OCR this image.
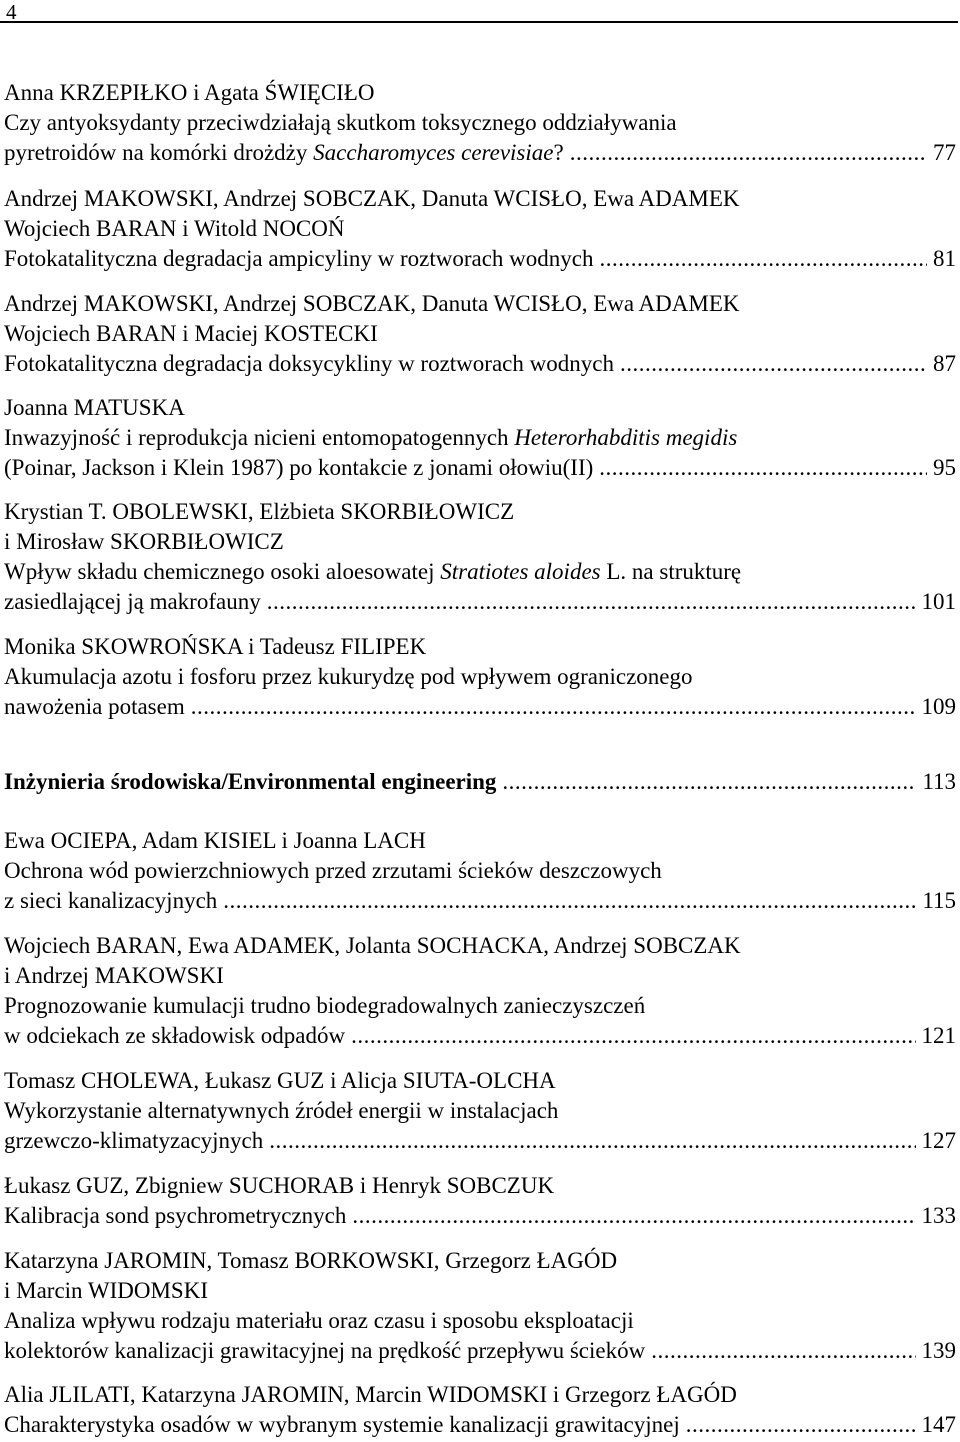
4
Anna KRZEPIŁKO i Agata ŚWIĘCIŁO
Czy antyoksydanty przeciwdziałają skutkom toksycznego oddziaływania
pyretroidów na komórki drożdży Saccharomyces cerevisiae? .....	77
Andrzej MAKOWSKI, Andrzej SOBCZAK, Danuta WCISŁO, Ewa ADAMEK
Wojciech BARAN i Witold NOCOŃ
Fotokatalityczna degradacja ampicyliny w roztworach wodnych .....	81
Andrzej MAKOWSKI, Andrzej SOBCZAK, Danuta WCISŁO, Ewa ADAMEK
Wojciech BARAN i Maciej KOSTECKI
Fotokatalityczna degradacja doksycykliny w roztworach wodnych .....	87
Joanna MATUSKA
Inwazyjność i reprodukcja nicieni entomopatogennych Heterorhabditis megidis
(Poinar, Jackson i Klein 1987) po kontakcie z jonami ołowiu(II) .....	95
Krystian T. OBOLEWSKI, Elżbieta SKORBIŁOWICZ
i Mirosław SKORBIŁOWICZ
Wpływ składu chemicznego osoki aloesowatej Stratiotes aloides L. na strukturę
zasiedlającej ją makrofauny .....	101
Monika SKOWROŃSKA i Tadeusz FILIPEK
Akumulacja azotu i fosforu przez kukurydzę pod wpływem ograniczonego
nawożenia potasem .....	109
Inżynieria środowiska/Environmental engineering .....	113
Ewa OCIEPA, Adam KISIEL i Joanna LACH
Ochrona wód powierzchniowych przed zrzutami ścieków deszczowych
z sieci kanalizacyjnych .....	115
Wojciech BARAN, Ewa ADAMEK, Jolanta SOCHACKA, Andrzej SOBCZAK
i Andrzej MAKOWSKI
Prognozowanie kumulacji trudno biodegradowalnych zanieczyszczeń
w odciekach ze składowisk odpadów .....	121
Tomasz CHOLEWA, Łukasz GUZ i Alicja SIUTA-OLCHA
Wykorzystanie alternatywnych źródeł energii w instalacjach
grzewczo-klimatyzacyjnych .....	127
Łukasz GUZ, Zbigniew SUCHORAB i Henryk SOBCZUK
Kalibracja sond psychrometrycznych .....	133
Katarzyna JAROMIN, Tomasz BORKOWSKI, Grzegorz ŁAGÓD
i Marcin WIDOMSKI
Analiza wpływu rodzaju materiału oraz czasu i sposobu eksploatacji
kolektorów kanalizacji grawitacyjnej na prędkość przepływu ścieków .....	139
Alia JLILATI, Katarzyna JAROMIN, Marcin WIDOMSKI i Grzegorz ŁAGÓD
Charakterystyka osadów w wybranym systemie kanalizacji grawitacyjnej .....	147
